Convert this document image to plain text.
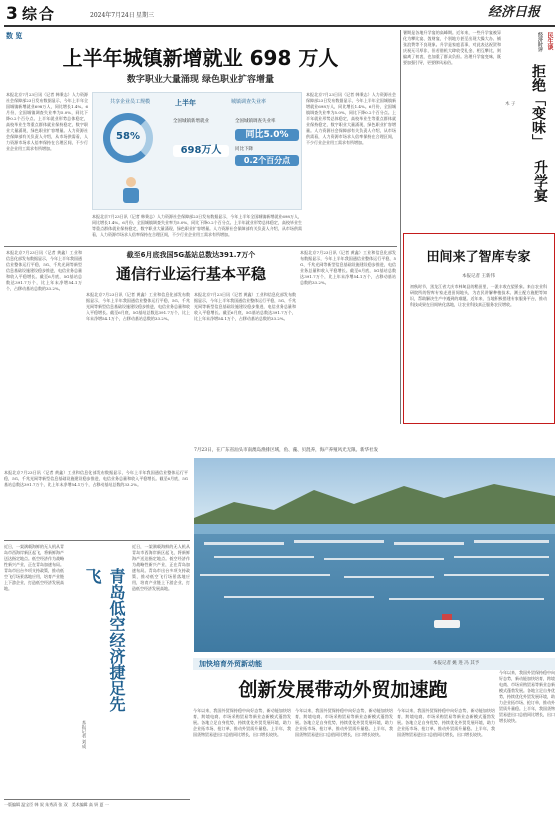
3 综合	2024年7月24日 星期三	经济日报
数 览
上半年城镇新增就业 698 万人
数字职业大量涌现 绿色职业扩容增量
本报北京7月23日讯（记者 韩秉志）人力资源社会保障部23日发布数据显示，今年上半年全国城镇新增就业698万人，同比增长1.4%。6月份，全国城镇调查失业率为5.0%，同比下降0.2个百分点。上半年就业形势总体稳定，高校毕业生等重点群体就业保持稳定，数字职业大量涌现，绿色职业扩容增量。人力资源社会保障部有关负责人介绍，从市场供需看，人力资源市场求人倍率保持在合理区间，不少行业企业用工需求有所增加。
58%
共享企业员工规模	上半年	城镇调查失业率
全国城镇新增就业
698万人
全国城镇调查失业率
同比5.0%
同比下降
0.2个百分点
本报北京7月23日讯（记者 韩秉志）人力资源社会保障部23日发布数据显示，今年上半年全国城镇新增就业698万人，同比增长1.4%。6月份，全国城镇调查失业率为5.0%，同比下降0.2个百分点。上半年就业形势总体稳定，高校毕业生等重点群体就业保持稳定，数字职业大量涌现，绿色职业扩容增量。人力资源社会保障部有关负责人介绍，从市场供需看，人力资源市场求人倍率保持在合理区间，不少行业企业用工需求有所增加。
本报北京7月23日讯（记者 韩秉志）人力资源社会保障部23日发布数据显示，今年上半年全国城镇新增就业698万人，同比增长1.4%。6月份，全国城镇调查失业率为5.0%，同比下降0.2个百分点。上半年就业形势总体稳定，高校毕业生等重点群体就业保持稳定，数字职业大量涌现，绿色职业扩容增量。人力资源社会保障部有关负责人介绍，从市场供需看，人力资源市场求人倍率保持在合理区间，不少行业企业用工需求有所增加。
本报北京7月23日讯（记者 黄鑫）工业和信息化部发布数据显示，今年上半年我国通信业整体运行平稳，5G、千兆光网等新型信息基础设施建设稳步推进，电信业务总量和收入平稳增长。截至6月底，5G基站总数达391.7万个，比上年末净增54.1万个，占移动基站总数的33.2%。
截至6月底我国5G基站总数达391.7万个
通信行业运行基本平稳
本报北京7月23日讯（记者 黄鑫）工业和信息化部发布数据显示，今年上半年我国通信业整体运行平稳，5G、千兆光网等新型信息基础设施建设稳步推进，电信业务总量和收入平稳增长。截至6月底，5G基站总数达391.7万个，比上年末净增54.1万个，占移动基站总数的33.2%。
本报北京7月23日讯（记者 黄鑫）工业和信息化部发布数据显示，今年上半年我国通信业整体运行平稳，5G、千兆光网等新型信息基础设施建设稳步推进，电信业务总量和收入平稳增长。截至6月底，5G基站总数达391.7万个，比上年末净增54.1万个，占移动基站总数的33.2%。
本报北京7月23日讯（记者 黄鑫）工业和信息化部发布数据显示，今年上半年我国通信业整体运行平稳，5G、千兆光网等新型信息基础设施建设稳步推进，电信业务总量和收入平稳增长。截至6月底，5G基站总数达391.7万个，比上年末净增54.1万个，占移动基站总数的33.2%。
暑期是各地升学宴的高峰期。近年来，一些升学宴被异化为攀比宴、敛财宴，个别地方甚至出现大操大办、铺张浪费等不良现象。升学是家庭喜事，对此表达祝贺和庆祝无可厚非，但若借机大肆收受礼金、相互攀比，则偏离了初衷，也加重了群众负担。治理升学宴变味，既要加强引导，更要移风易俗。
民生谈
经济时评
拒绝「变味」
升学宴
木 子
田间来了智库专家
本报记者 王新伟
初秋时节，黑龙江省大庆市林甸县的稻田里，一派丰收在望景象。来自农业科研院所的智库专家走进田间地头，为农民讲解种植技术、测土配方施肥等知识，帮助解决生产中遇到的难题。近年来，当地积极搭建专家服务平台，推动科技成果在田间转化落地，让农业科技真正服务农民增收。
本报北京7月23日讯（记者 黄鑫）工业和信息化部发布数据显示，今年上半年我国通信业整体运行平稳，5G、千兆光网等新型信息基础设施建设稳步推进，电信业务总量和收入平稳增长。截至6月底，5G基站总数达391.7万个，比上年末净增54.1万个，占移动基站总数的33.2%。
7月23日，在广东省汕头市南澳岛渔排区域，鱼、藻、贝混养，海产养殖风光无限。新华社发
近日，一架满载海鲜的无人机从青岛市西海岸新区起飞，将新鲜海产送达指定地点。低空经济作为战略性新兴产业，正在青岛加速布局。青岛市出台多项支持政策，推动低空飞行场景落地应用，培育产业链上下游企业，打造低空经济发展高地。	青岛低空经济捷足先飞
本报记者 刘成
近日，一架满载海鲜的无人机从青岛市西海岸新区起飞，将新鲜海产送达指定地点。低空经济作为战略性新兴产业，正在青岛加速布局。青岛市出台多项支持政策，推动低空飞行场景落地应用，培育产业链上下游企业，打造低空经济发展高地。
加快培育外贸新动能	本报记者 姚 进 冯 其予
创新发展带动外贸加速跑
今年以来，我国外贸保持稳中向好态势，新动能加快培育，跨境电商、市场采购贸易等新业态新模式蓬勃发展。各地立足自身优势，持续优化外贸发展环境，助力企业拓市场、抢订单，推动外贸质升量稳。上半年，我国货物贸易进出口总值同比增长，出口增长较快。
今年以来，我国外贸保持稳中向好态势，新动能加快培育，跨境电商、市场采购贸易等新业态新模式蓬勃发展。各地立足自身优势，持续优化外贸发展环境，助力企业拓市场、抢订单，推动外贸质升量稳。上半年，我国货物贸易进出口总值同比增长，出口增长较快。
今年以来，我国外贸保持稳中向好态势，新动能加快培育，跨境电商、市场采购贸易等新业态新模式蓬勃发展。各地立足自身优势，持续优化外贸发展环境，助力企业拓市场、抢订单，推动外贸质升量稳。上半年，我国货物贸易进出口总值同比增长，出口增长较快。
今年以来，我国外贸保持稳中向好态势，新动能加快培育，跨境电商、市场采购贸易等新业态新模式蓬勃发展。各地立足自身优势，持续优化外贸发展环境，助力企业拓市场、抢订单，推动外贸质升量稳。上半年，我国货物贸易进出口总值同比增长，出口增长较快。
一版编辑 温宝臣 韩 叙 朱秀清 张 双　美术编辑 高 妍 夏 一
